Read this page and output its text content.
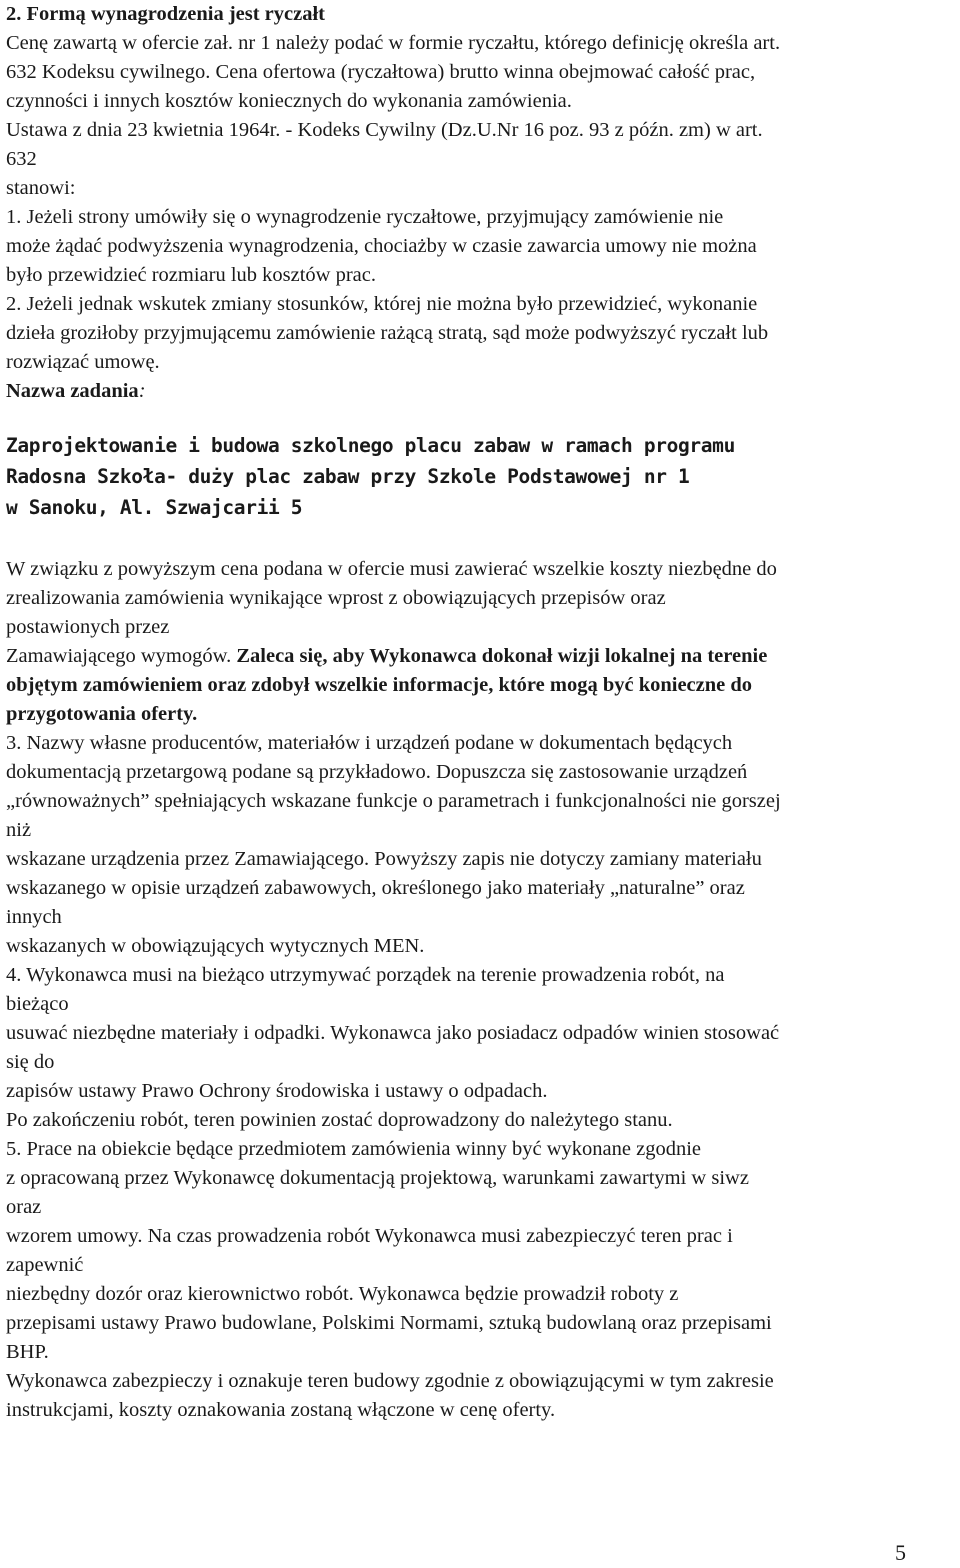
2. Formą wynagrodzenia jest ryczałt
Cenę zawartą w ofercie zał. nr 1 należy podać w formie ryczałtu, którego definicję określa art.
632 Kodeksu cywilnego. Cena ofertowa (ryczałtowa) brutto winna obejmować całość prac,
czynności i innych kosztów koniecznych do wykonania zamówienia.
Ustawa z dnia 23 kwietnia 1964r. - Kodeks Cywilny (Dz.U.Nr 16 poz. 93 z późn. zm) w art.
632
stanowi:
1. Jeżeli strony umówiły się o wynagrodzenie ryczałtowe, przyjmujący zamówienie nie
może żądać podwyższenia wynagrodzenia, chociażby w czasie zawarcia umowy nie można
było przewidzieć rozmiaru lub kosztów prac.
2. Jeżeli jednak wskutek zmiany stosunków, której nie można było przewidzieć, wykonanie
dzieła groziłoby przyjmującemu zamówienie rażącą stratą, sąd może podwyższyć ryczałt lub
rozwiązać umowę.
Nazwa zadania:
Zaprojektowanie i budowa szkolnego placu zabaw w ramach programu
Radosna Szkoła- duży plac zabaw przy Szkole Podstawowej nr 1
w Sanoku, Al. Szwajcarii 5
W związku z powyższym cena podana w ofercie musi zawierać wszelkie koszty niezbędne do
zrealizowania zamówienia wynikające wprost z obowiązujących przepisów oraz
postawionych przez
Zamawiającego wymogów. Zaleca się, aby Wykonawca dokonał wizji lokalnej na terenie
objętym zamówieniem oraz zdobył wszelkie informacje, które mogą być konieczne do
przygotowania oferty.
3. Nazwy własne producentów, materiałów i urządzeń podane w dokumentach będących
dokumentacją przetargową podane są przykładowo. Dopuszcza się zastosowanie urządzeń
„równoważnych” spełniających wskazane funkcje o parametrach i funkcjonalności nie gorszej
niż
wskazane urządzenia przez Zamawiającego. Powyższy zapis nie dotyczy zamiany materiału
wskazanego w opisie urządzeń zabawowych, określonego jako materiały „naturalne” oraz
innych
wskazanych w obowiązujących wytycznych MEN.
4. Wykonawca musi na bieżąco utrzymywać porządek na terenie prowadzenia robót, na
bieżąco
usuwać niezbędne materiały i odpadki. Wykonawca jako posiadacz odpadów winien stosować
się do
zapisów ustawy Prawo Ochrony środowiska i ustawy o odpadach.
Po zakończeniu robót, teren powinien zostać doprowadzony do należytego stanu.
5. Prace na obiekcie będące przedmiotem zamówienia winny być wykonane zgodnie
z opracowaną przez Wykonawcę dokumentacją projektową, warunkami zawartymi w siwz
oraz
wzorem umowy. Na czas prowadzenia robót Wykonawca musi zabezpieczyć teren prac i
zapewnić
niezbędny dozór oraz kierownictwo robót. Wykonawca będzie prowadził roboty z
przepisami ustawy Prawo budowlane, Polskimi Normami, sztuką budowlaną oraz przepisami
BHP.
Wykonawca zabezpieczy i oznakuje teren budowy zgodnie z obowiązującymi w tym zakresie
instrukcjami, koszty oznakowania zostaną włączone w cenę oferty.
5
